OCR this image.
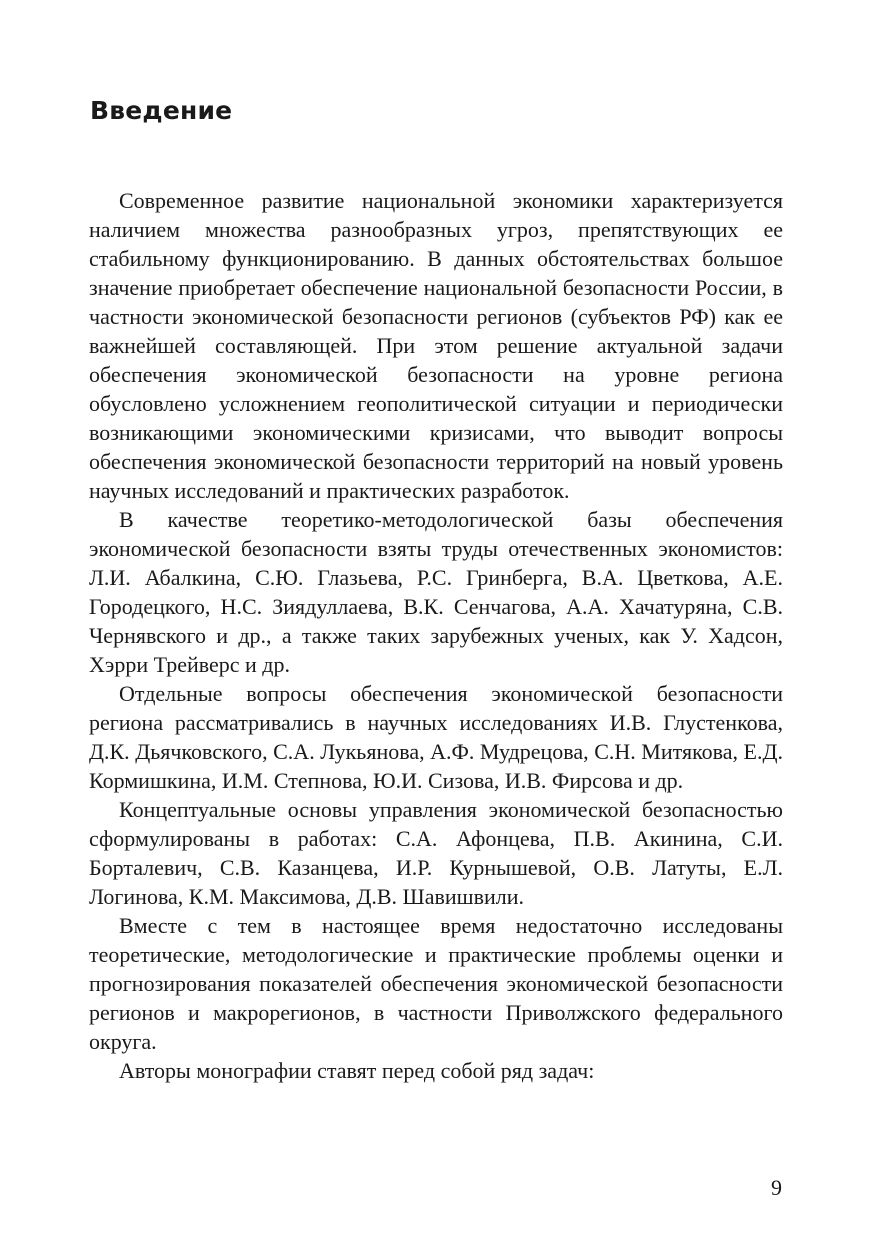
Введение

Современное развитие национальной экономики характеризуется наличием множества разнообразных угроз, препятствующих ее стабильному функционированию. В данных обстоятельствах большое значение приобретает обеспечение национальной безопасности России, в частности экономической безопасности регионов (субъектов РФ) как ее важнейшей составляющей. При этом решение актуальной задачи обеспечения экономической безопасности на уровне региона обусловлено усложнением геополитической ситуации и периодически возникающими экономическими кризисами, что выводит вопросы обеспечения экономической безопасности территорий на новый уровень научных исследований и практических разработок.

В качестве теоретико-методологической базы обеспечения экономической безопасности взяты труды отечественных экономистов: Л.И. Абалкина, С.Ю. Глазьева, Р.С. Гринберга, В.А. Цветкова, А.Е. Городецкого, Н.С. Зиядуллаева, В.К. Сенчагова, А.А. Хачатуряна, С.В. Чернявского и др., а также таких зарубежных ученых, как У. Хадсон, Хэрри Трейверс и др.

Отдельные вопросы обеспечения экономической безопасности региона рассматривались в научных исследованиях И.В. Глустенкова, Д.К. Дьячковского, С.А. Лукьянова, А.Ф. Мудрецова, С.Н. Митякова, Е.Д. Кормишкина, И.М. Степнова, Ю.И. Сизова, И.В. Фирсова и др.

Концептуальные основы управления экономической безопасностью сформулированы в работах: С.А. Афонцева, П.В. Акинина, С.И. Борталевич, С.В. Казанцева, И.Р. Курнышевой, О.В. Латуты, Е.Л. Логинова, К.М. Максимова, Д.В. Шавишвили.

Вместе с тем в настоящее время недостаточно исследованы теоретические, методологические и практические проблемы оценки и прогнозирования показателей обеспечения экономической безопасности регионов и макрорегионов, в частности Приволжского федерального округа.

Авторы монографии ставят перед собой ряд задач:

9
